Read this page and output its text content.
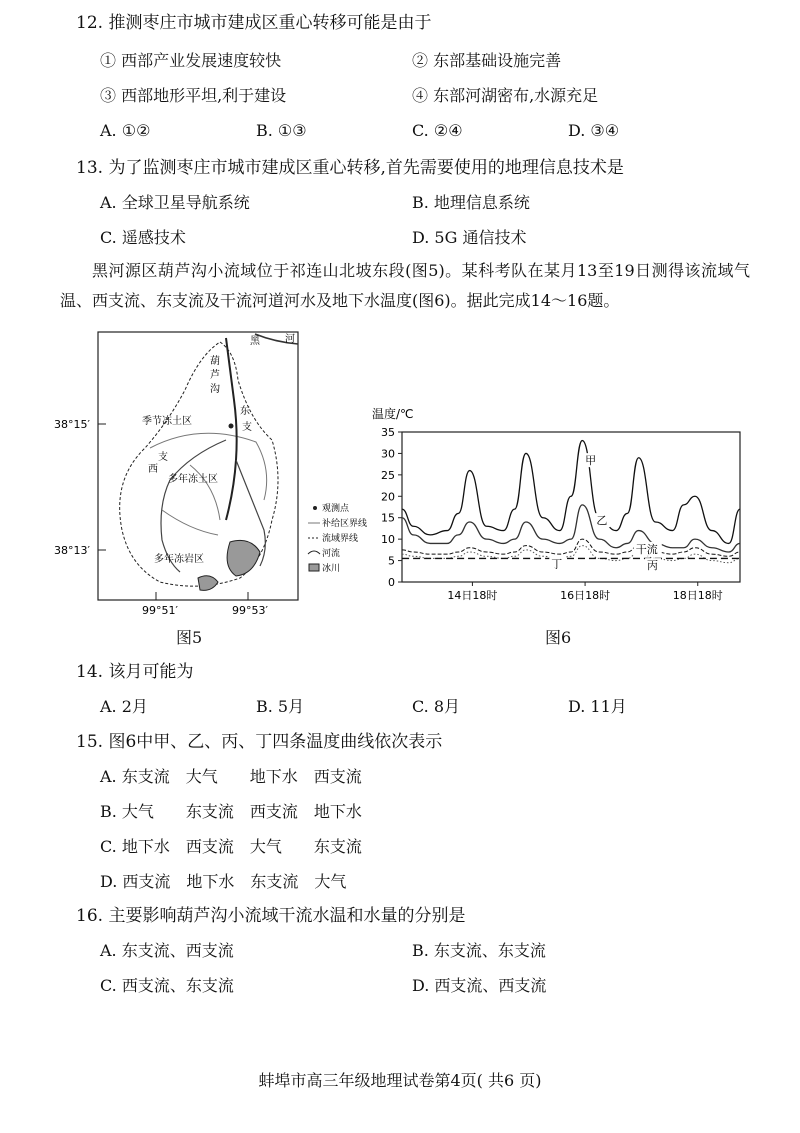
12. 推测枣庄市城市建成区重心转移可能是由于
① 西部产业发展速度较快	② 东部基础设施完善
③ 西部地形平坦,利于建设	④ 东部河湖密布,水源充足
A. ①②	B. ①③	C. ②④	D. ③④
13. 为了监测枣庄市城市建成区重心转移,首先需要使用的地理信息技术是
A. 全球卫星导航系统	B. 地理信息系统
C. 遥感技术	D. 5G 通信技术
黑河源区葫芦沟小流域位于祁连山北坡东段(图5)。某科考队在某月13至19日测得该流域气温、西支流、东支流及干流河道河水及地下水温度(图6)。据此完成14～16题。
38°15′
38°13′
99°51′	99°53′
黑	河
季节冻土区
多年冻土区
多年冻岩区
葫
芦
沟
东
支
西
支
观测点
补给区界线
流域界线
河流
冰川
图5
温度/℃
0
5
10
15
20
25
30
35
14日18时	16日18时	18日18时
甲
乙
干流
丁	丙
图6
14. 该月可能为
A. 2月	B. 5月	C. 8月	D. 11月
15. 图6中甲、乙、丙、丁四条温度曲线依次表示
A. 东支流　大气　　地下水　西支流
B. 大气　　东支流　西支流　地下水
C. 地下水　西支流　大气　　东支流
D. 西支流　地下水　东支流　大气
16. 主要影响葫芦沟小流域干流水温和水量的分别是
A. 东支流、西支流	B. 东支流、东支流
C. 西支流、东支流	D. 西支流、西支流
蚌埠市高三年级地理试卷第4页( 共6 页)
